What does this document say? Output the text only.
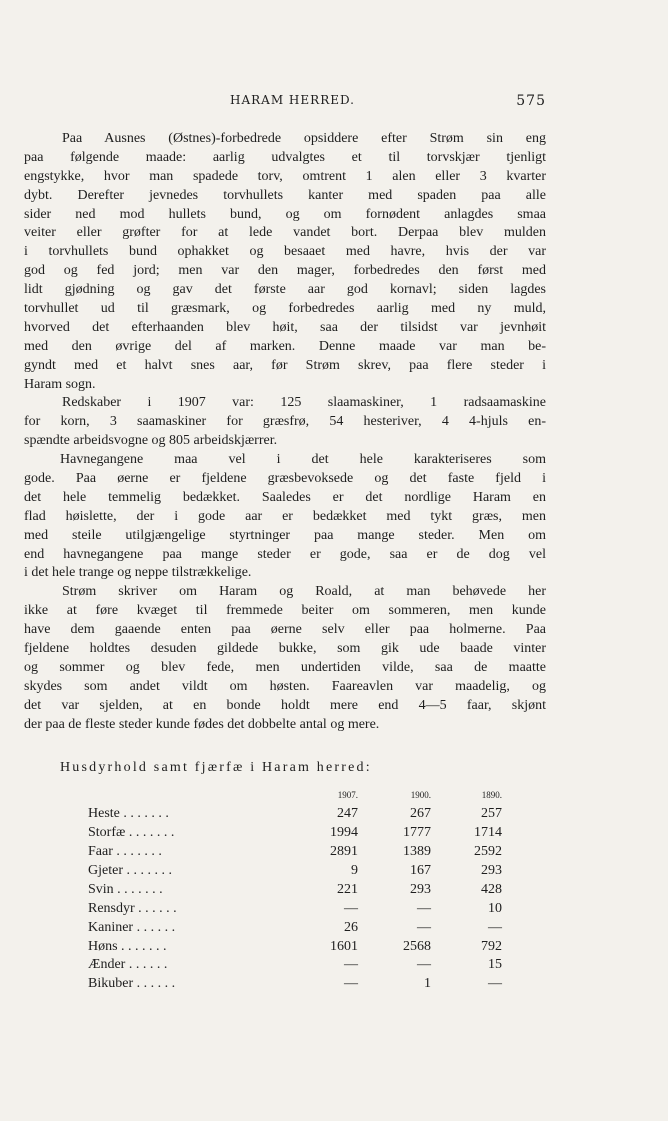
HARAM HERRED.	575
Paa Ausnes (Østnes)-forbedrede opsiddere efter Strøm sin eng
paa følgende maade: aarlig udvalgtes et til torvskjær tjenligt
engstykke, hvor man spadede torv, omtrent 1 alen eller 3 kvarter
dybt. Derefter jevnedes torvhullets kanter med spaden paa alle
sider ned mod hullets bund, og om fornødent anlagdes smaa
veiter eller grøfter for at lede vandet bort. Derpaa blev mulden
i torvhullets bund ophakket og besaaet med havre, hvis der var
god og fed jord; men var den mager, forbedredes den først med
lidt gjødning og gav det første aar god kornavl; siden lagdes
torvhullet ud til græsmark, og forbedredes aarlig med ny muld,
hvorved det efterhaanden blev høit, saa der tilsidst var jevnhøit
med den øvrige del af marken. Denne maade var man be-
gyndt med et halvt snes aar, før Strøm skrev, paa flere steder i
Haram sogn.
Redskaber i 1907 var: 125 slaamaskiner, 1 radsaamaskine
for korn, 3 saamaskiner for græsfrø, 54 hesteriver, 4 4-hjuls en-
spændte arbeidsvogne og 805 arbeidskjærrer.
Havnegangene maa vel i det hele karakteriseres som
gode. Paa øerne er fjeldene græsbevoksede og det faste fjeld i
det hele temmelig bedækket. Saaledes er det nordlige Haram en
flad høislette, der i gode aar er bedækket med tykt græs, men
med steile utilgjængelige styrtninger paa mange steder. Men om
end havnegangene paa mange steder er gode, saa er de dog vel
i det hele trange og neppe tilstrækkelige.
Strøm skriver om Haram og Roald, at man behøvede her
ikke at føre kvæget til fremmede beiter om sommeren, men kunde
have dem gaaende enten paa øerne selv eller paa holmerne. Paa
fjeldene holdtes desuden gildede bukke, som gik ude baade vinter
og sommer og blev fede, men undertiden vilde, saa de maatte
skydes som andet vildt om høsten. Faareavlen var maadelig, og
det var sjelden, at en bonde holdt mere end 4—5 faar, skjønt
der paa de fleste steder kunde fødes det dobbelte antal og mere.
Husdyrhold samt fjærfæ i Haram herred:
	1907.	1900.	1890.
Heste . . . . . . .	247	267	257
Storfæ . . . . . . .	1994	1777	1714
Faar . . . . . . .	2891	1389	2592
Gjeter . . . . . . .	9	167	293
Svin . . . . . . .	221	293	428
Rensdyr . . . . . .	—	—	10
Kaniner . . . . . .	26	—	—
Høns . . . . . . .	1601	2568	792
Ænder . . . . . .	—	—	15
Bikuber . . . . . .	—	1	—
